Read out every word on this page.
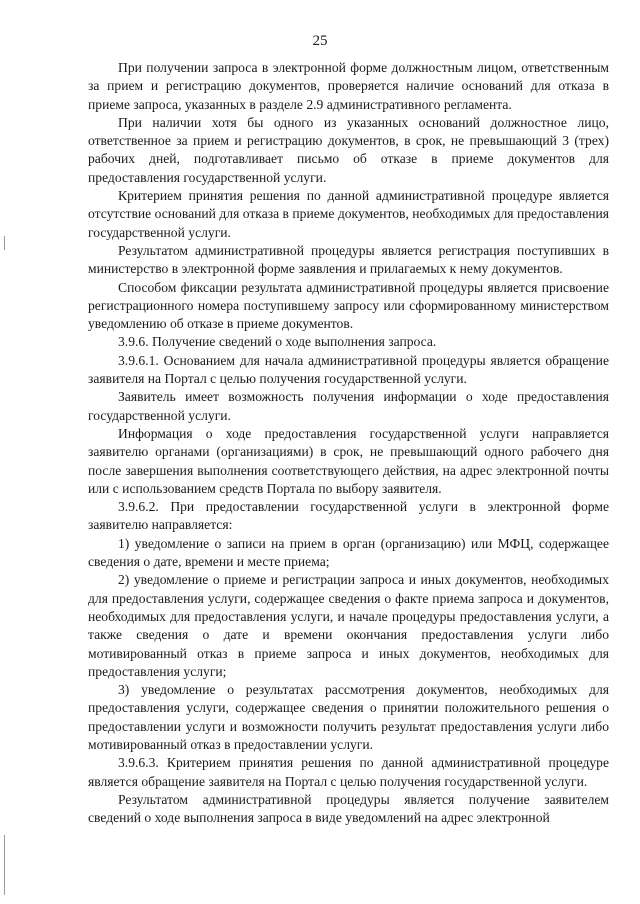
25

При получении запроса в электронной форме должностным лицом, ответственным за прием и регистрацию документов, проверяется наличие оснований для отказа в приеме запроса, указанных в разделе 2.9 административного регламента.

При наличии хотя бы одного из указанных оснований должностное лицо, ответственное за прием и регистрацию документов, в срок, не превышающий 3 (трех) рабочих дней, подготавливает письмо об отказе в приеме документов для предоставления государственной услуги.

Критерием принятия решения по данной административной процедуре является отсутствие оснований для отказа в приеме документов, необходимых для предоставления государственной услуги.

Результатом административной процедуры является регистрация поступивших в министерство в электронной форме заявления и прилагаемых к нему документов.

Способом фиксации результата административной процедуры является присвоение регистрационного номера поступившему запросу или сформированному министерством уведомлению об отказе в приеме документов.

3.9.6. Получение сведений о ходе выполнения запроса.

3.9.6.1. Основанием для начала административной процедуры является обращение заявителя на Портал с целью получения государственной услуги.

Заявитель имеет возможность получения информации о ходе предоставления государственной услуги.

Информация о ходе предоставления государственной услуги направляется заявителю органами (организациями) в срок, не превышающий одного рабочего дня после завершения выполнения соответствующего действия, на адрес электронной почты или с использованием средств Портала по выбору заявителя.

3.9.6.2. При предоставлении государственной услуги в электронной форме заявителю направляется:

1) уведомление о записи на прием в орган (организацию) или МФЦ, содержащее сведения о дате, времени и месте приема;

2) уведомление о приеме и регистрации запроса и иных документов, необходимых для предоставления услуги, содержащее сведения о факте приема запроса и документов, необходимых для предоставления услуги, и начале процедуры предоставления услуги, а также сведения о дате и времени окончания предоставления услуги либо мотивированный отказ в приеме запроса и иных документов, необходимых для предоставления услуги;

3) уведомление о результатах рассмотрения документов, необходимых для предоставления услуги, содержащее сведения о принятии положительного решения о предоставлении услуги и возможности получить результат предоставления услуги либо мотивированный отказ в предоставлении услуги.

3.9.6.3. Критерием принятия решения по данной административной процедуре является обращение заявителя на Портал с целью получения государственной услуги.

Результатом административной процедуры является получение заявителем сведений о ходе выполнения запроса в виде уведомлений на адрес электронной
